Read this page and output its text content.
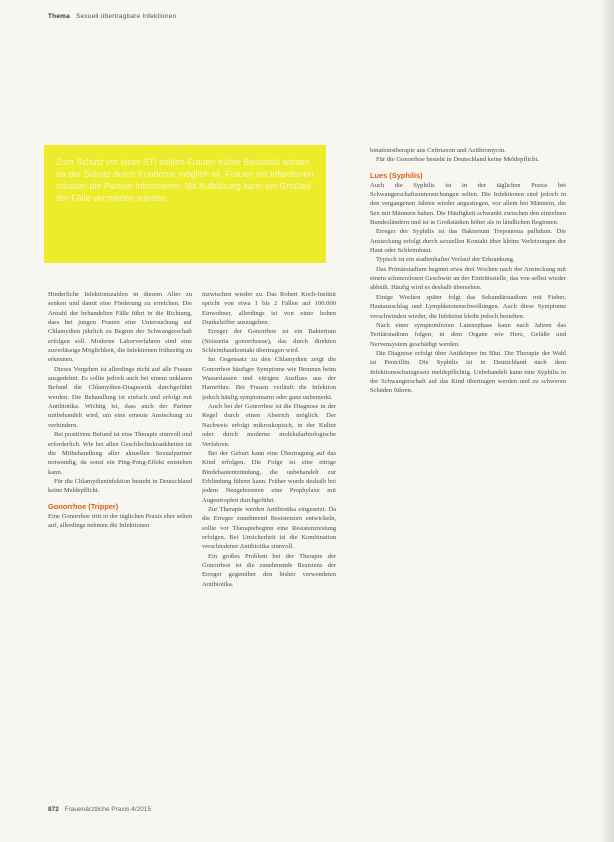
Thema Sexuell übertragbare Infektionen

Zum Schutz vor einer STI sollten Frauen früher Bescheid wissen, da der Schutz durch Kondome möglich ist, Frauen mit Infektionen müssen die Partner informieren. Mit Aufklärung kann ein Großteil der Fälle vermieden werden.

Hinderliche Infektionszahlen in diesem Alter zu senken und damit eine Förderung zu erreichen. Die Anzahl der behandelten Fälle führt in die Richtung, dass bei jungen Frauen eine Untersuchung auf Chlamydien jährlich zu Beginn der Schwangerschaft erfolgen soll. Moderne Laborverfahren sind eine zuverlässige Möglichkeit, die Infektionen frühzeitig zu erkennen.

Dieses Vorgehen ist allerdings nicht auf alle Frauen ausgedehnt. Es sollte jedoch auch bei einem unklaren Befund die Chlamydien-Diagnostik durchgeführt werden. Die Behandlung ist einfach und erfolgt mit Antibiotika. Wichtig ist, dass auch der Partner mitbehandelt wird, um eine erneute Ansteckung zu verhindern.

Bei positivem Befund ist eine Therapie sinnvoll und erforderlich. Wie bei allen Geschlechtskrankheiten ist die Mitbehandlung aller aktuellen Sexualpartner notwendig, da sonst ein Ping-Pong-Effekt entstehen kann.

Für die Chlamydieninfektion besteht in Deutschland keine Meldepflicht.

Gonorrhoe (Tripper)

Eine Gonorrhoe tritt in der täglichen Praxis eher selten auf, allerdings nehmen die Infektionen

inzwischen wieder zu. Das Robert Koch-Institut spricht von etwa 1 bis 2 Fällen auf 100.000 Einwohner, allerdings ist von einer hohen Dunkelziffer auszugehen.

Erreger der Gonorrhoe ist ein Bakterium (Neisseria gonorrhoeae), das durch direkten Schleimhautkontakt übertragen wird.

Im Gegensatz zu den Chlamydien zeigt die Gonorrhoe häufiger Symptome wie Brennen beim Wasserlassen und eitrigen Ausfluss aus der Harnröhre. Bei Frauen verläuft die Infektion jedoch häufig symptomarm oder ganz unbemerkt.

Auch bei der Gonorrhoe ist die Diagnose in der Regel durch einen Abstrich möglich. Der Nachweis erfolgt mikroskopisch, in der Kultur oder durch moderne molekularbiologische Verfahren.

Bei der Geburt kann eine Übertragung auf das Kind erfolgen. Die Folge ist eine eitrige Bindehautentzündung, die unbehandelt zur Erblindung führen kann. Früher wurde deshalb bei jedem Neugeborenen eine Prophylaxe mit Augentropfen durchgeführt.

Zur Therapie werden Antibiotika eingesetzt. Da die Erreger zunehmend Resistenzen entwickeln, sollte vor Therapiebeginn eine Resistenztestung erfolgen. Bei Unsicherheit ist die Kombination verschiedener Antibiotika sinnvoll.

Ein großes Problem bei der Therapie der Gonorrhoe ist die zunehmende Resistenz der Erreger gegenüber den bisher verwendeten Antibiotika.

binationstherapie aus Ceftriaxon und Azithromycin.

Für die Gonorrhoe besteht in Deutschland keine Meldepflicht.

Lues (Syphilis)

Auch die Syphilis ist in der täglichen Praxis bei Schwangerschaftsuntersuchungen selten. Die Infektionen sind jedoch in den vergangenen Jahren wieder angestiegen, vor allem bei Männern, die Sex mit Männern haben. Die Häufigkeit schwankt zwischen den einzelnen Bundesländern und ist in Großstädten höher als in ländlichen Regionen.

Erreger der Syphilis ist das Bakterium Treponema pallidum. Die Ansteckung erfolgt durch sexuellen Kontakt über kleine Verletzungen der Haut oder Schleimhaut.

Typisch ist ein stadienhafter Verlauf der Erkrankung.

Das Primärstadium beginnt etwa drei Wochen nach der Ansteckung mit einem schmerzlosen Geschwür an der Eintrittsstelle, das von selbst wieder abheilt. Häufig wird es deshalb übersehen.

Einige Wochen später folgt das Sekundärstadium mit Fieber, Hautausschlag und Lymphknotenschwellungen. Auch diese Symptome verschwinden wieder, die Infektion bleibt jedoch bestehen.

Nach einer symptomfreien Latenzphase kann nach Jahren das Tertiärstadium folgen, in dem Organe wie Herz, Gefäße und Nervensystem geschädigt werden.

Die Diagnose erfolgt über Antikörper im Blut. Die Therapie der Wahl ist Penicillin. Die Syphilis ist in Deutschland nach dem Infektionsschutzgesetz meldepflichtig. Unbehandelt kann eine Syphilis in der Schwangerschaft auf das Kind übertragen werden und zu schweren Schäden führen.

872 Frauenärztliche Praxis 4/2015
